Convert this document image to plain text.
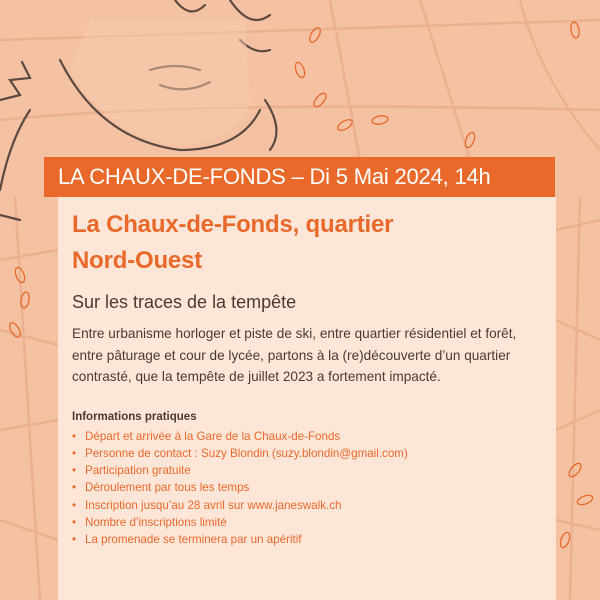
LA CHAUX-DE-FONDS – Di 5 Mai 2024, 14h
La Chaux-de-Fonds, quartier
Nord-Ouest
Sur les traces de la tempête

Entre urbanisme horloger et piste de ski, entre quartier résidentiel et forêt, entre pâturage et cour de lycée, partons à la (re)découverte d’un quartier contrasté, que la tempête de juillet 2023 a fortement impacté.

Informations pratiques
• Départ et arrivée à la Gare de la Chaux-de-Fonds
• Personne de contact : Suzy Blondin (suzy.blondin@gmail.com)
• Participation gratuite
• Déroulement par tous les temps
• Inscription jusqu’au 28 avril sur www.janeswalk.ch
• Nombre d’inscriptions limité
• La promenade se terminera par un apéritif
